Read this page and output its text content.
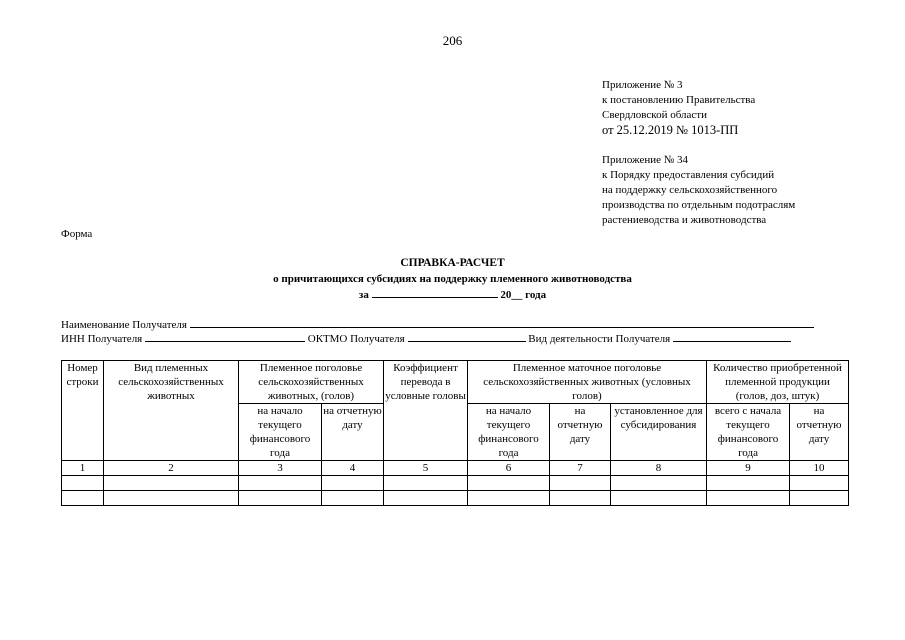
206
Приложение № 3
к постановлению Правительства
Свердловской области
от 25.12.2019 № 1013-ПП
Приложение № 34
к Порядку предоставления субсидий
на поддержку сельскохозяйственного
производства по отдельным подотраслям
растениеводства и животноводства
Форма
СПРАВКА-РАСЧЕТ
о причитающихся субсидиях на поддержку племенного животноводства
за	20__ года
Наименование Получателя
ИНН Получателя	ОКТМО Получателя	Вид деятельности Получателя
Номер строки	Вид племенных сельскохозяйственных животных	Племенное поголовье сельскохозяйственных животных, (голов)		Коэффициент перевода в условные головы	Племенное маточное поголовье сельскохозяйственных животных (условных голов)			Количество приобретенной племенной продукции (голов, доз, штук)	
		на начало текущего финансового года	на отчетную дату		на начало текущего финансового года	на отчетную дату	установленное для субсидирования		
								всего с начала текущего финансового года	на отчетную дату
1	2	3	4	5	6	7	8	9	10
